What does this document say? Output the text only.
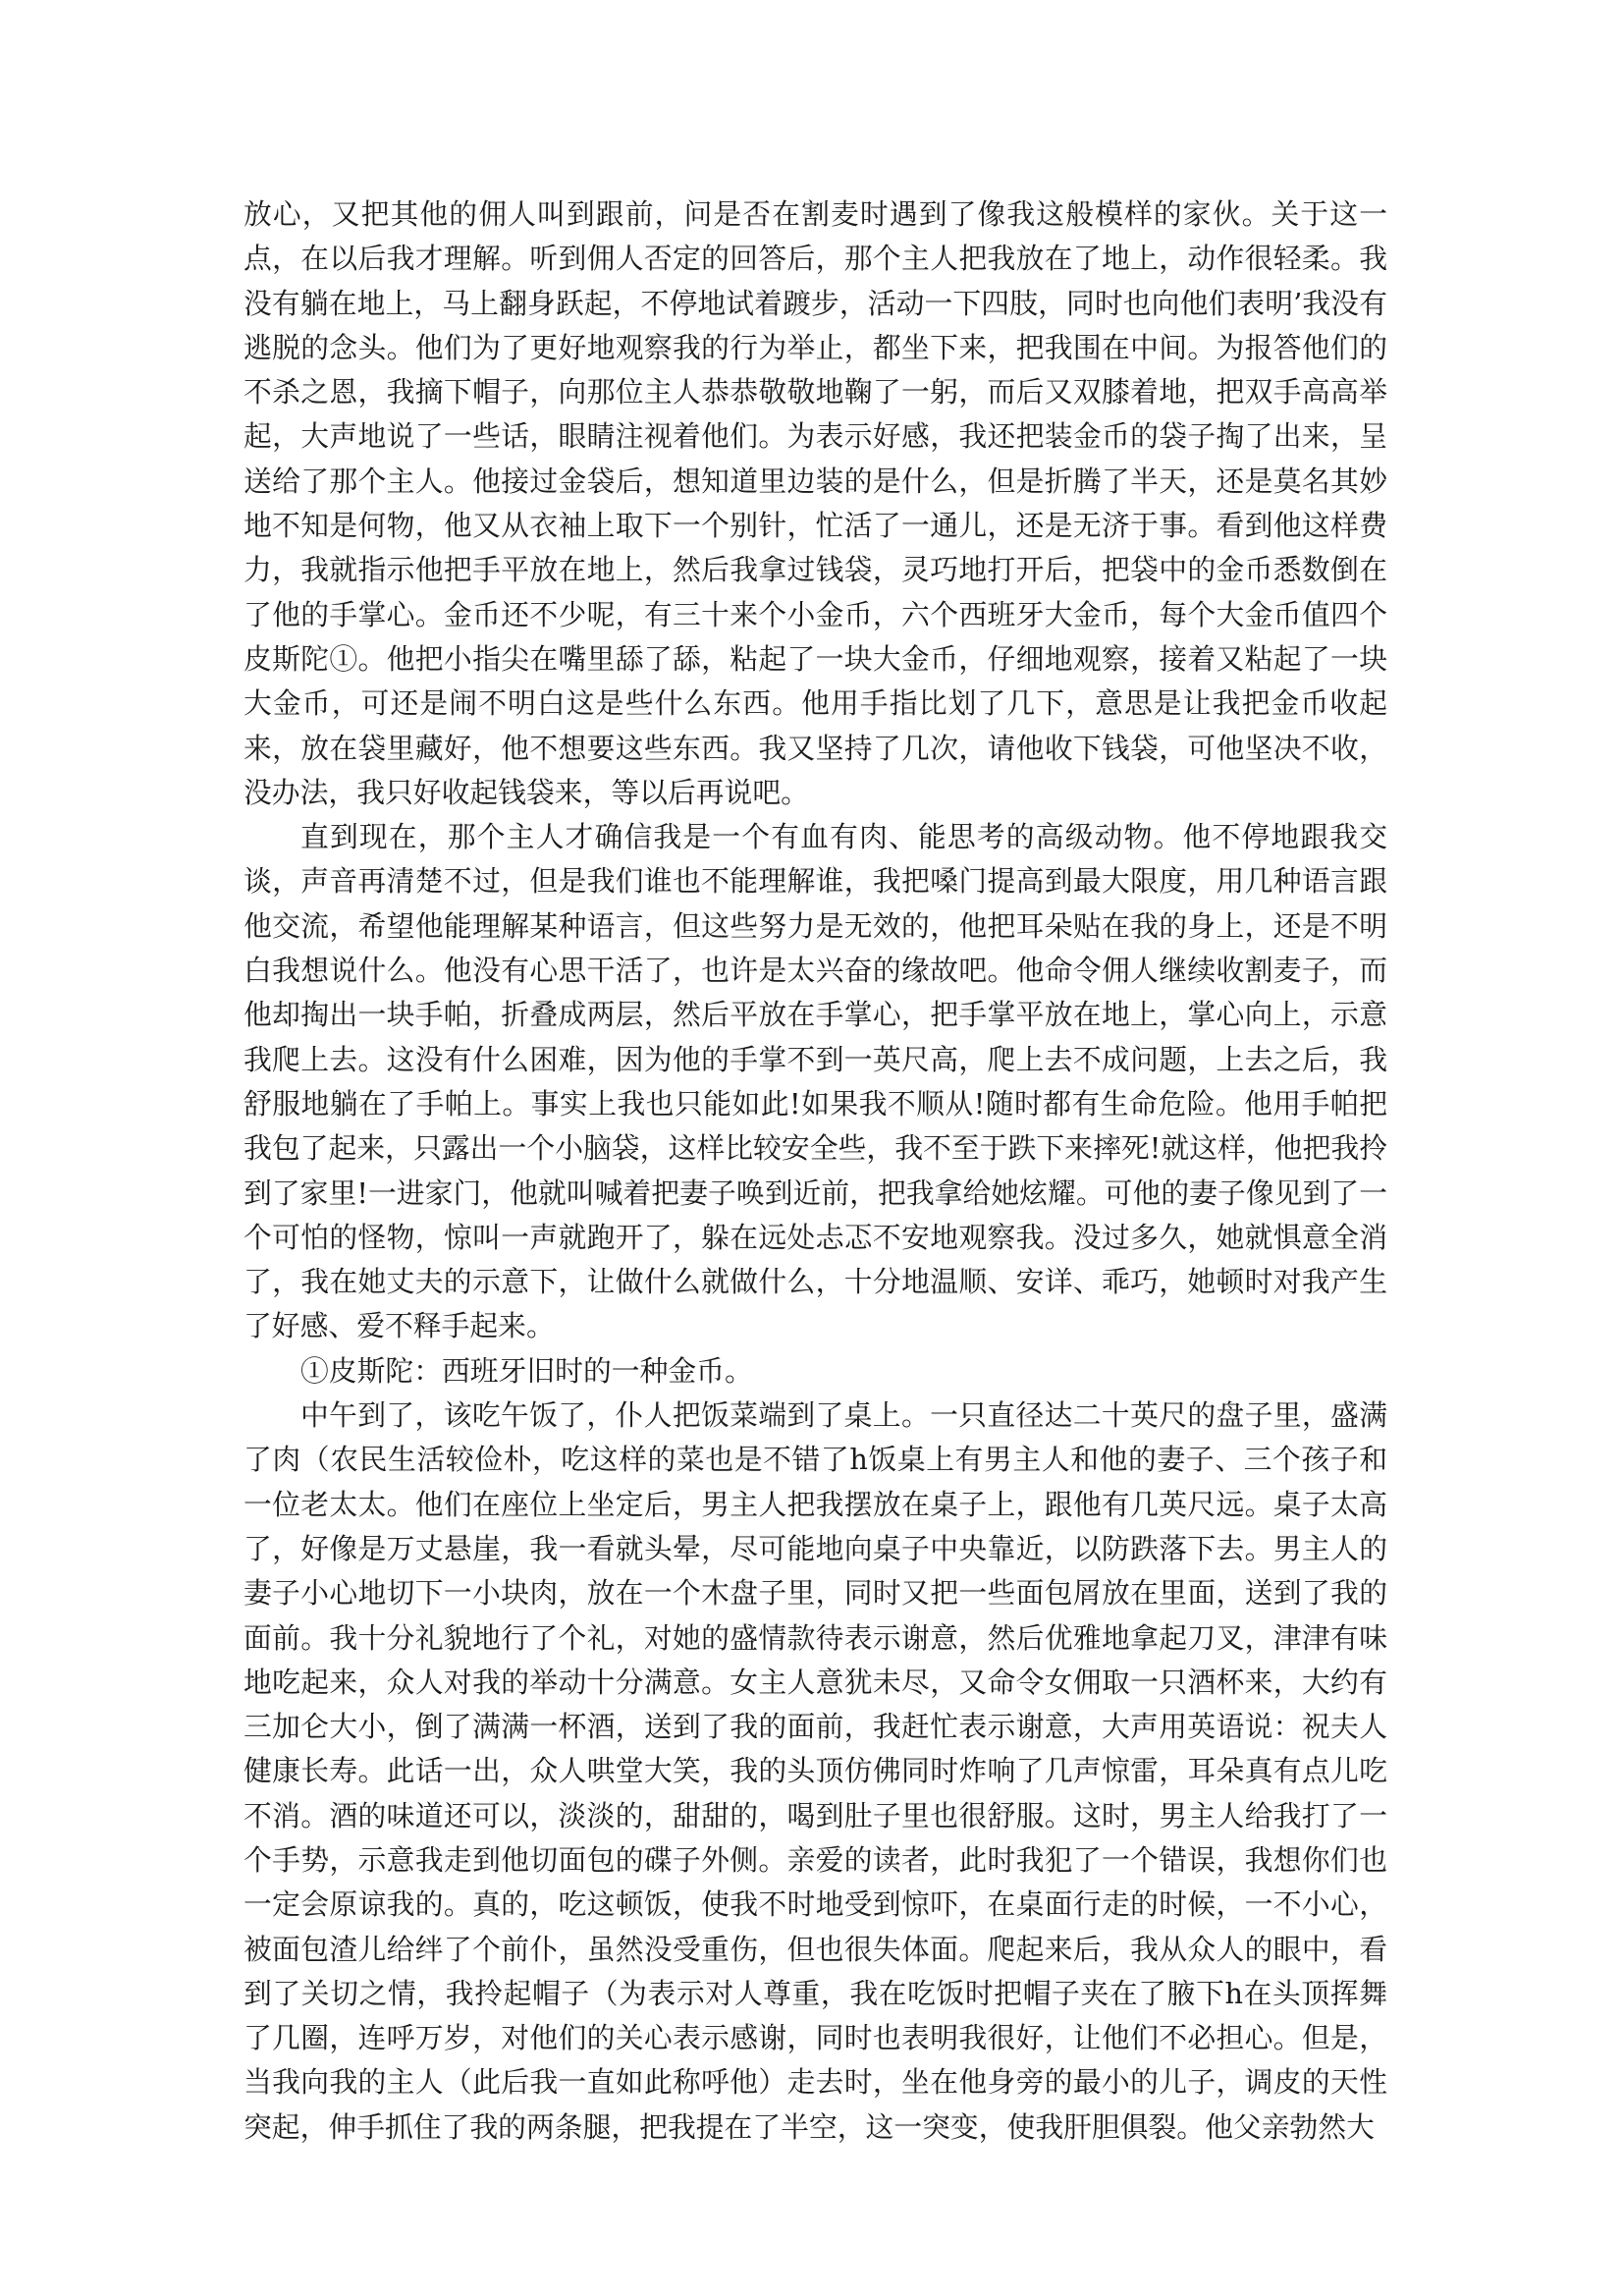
放心，又把其他的佣人叫到跟前，问是否在割麦时遇到了像我这般模样的家伙。关于这一点，在以后我才理解。听到佣人否定的回答后，那个主人把我放在了地上，动作很轻柔。我没有躺在地上，马上翻身跃起，不停地试着踱步，活动一下四肢，同时也向他们表明’我没有逃脱的念头。他们为了更好地观察我的行为举止，都坐下来，把我围在中间。为报答他们的不杀之恩，我摘下帽子，向那位主人恭恭敬敬地鞠了一躬，而后又双膝着地，把双手高高举起，大声地说了一些话，眼睛注视着他们。为表示好感，我还把装金币的袋子掏了出来，呈送给了那个主人。他接过金袋后，想知道里边装的是什么，但是折腾了半天，还是莫名其妙地不知是何物，他又从衣袖上取下一个别针，忙活了一通儿，还是无济于事。看到他这样费力，我就指示他把手平放在地上，然后我拿过钱袋，灵巧地打开后，把袋中的金币悉数倒在了他的手掌心。金币还不少呢，有三十来个小金币，六个西班牙大金币，每个大金币值四个皮斯陀①。他把小指尖在嘴里舔了舔，粘起了一块大金币，仔细地观察，接着又粘起了一块大金币，可还是闹不明白这是些什么东西。他用手指比划了几下，意思是让我把金币收起来，放在袋里藏好，他不想要这些东西。我又坚持了几次，请他收下钱袋，可他坚决不收，没办法，我只好收起钱袋来，等以后再说吧。

直到现在，那个主人才确信我是一个有血有肉、能思考的高级动物。他不停地跟我交谈，声音再清楚不过，但是我们谁也不能理解谁，我把嗓门提高到最大限度，用几种语言跟他交流，希望他能理解某种语言，但这些努力是无效的，他把耳朵贴在我的身上，还是不明白我想说什么。他没有心思干活了，也许是太兴奋的缘故吧。他命令佣人继续收割麦子，而他却掏出一块手帕，折叠成两层，然后平放在手掌心，把手掌平放在地上，掌心向上，示意我爬上去。这没有什么困难，因为他的手掌不到一英尺高，爬上去不成问题，上去之后，我舒服地躺在了手帕上。事实上我也只能如此!如果我不顺从!随时都有生命危险。他用手帕把我包了起来，只露出一个小脑袋，这样比较安全些，我不至于跌下来摔死!就这样，他把我拎到了家里!一进家门，他就叫喊着把妻子唤到近前，把我拿给她炫耀。可他的妻子像见到了一个可怕的怪物，惊叫一声就跑开了，躲在远处忐忑不安地观察我。没过多久，她就惧意全消了，我在她丈夫的示意下，让做什么就做什么，十分地温顺、安详、乖巧，她顿时对我产生了好感、爱不释手起来。

①皮斯陀：西班牙旧时的一种金币。

中午到了，该吃午饭了，仆人把饭菜端到了桌上。一只直径达二十英尺的盘子里，盛满了肉（农民生活较俭朴，吃这样的菜也是不错了h饭桌上有男主人和他的妻子、三个孩子和一位老太太。他们在座位上坐定后，男主人把我摆放在桌子上，跟他有几英尺远。桌子太高了，好像是万丈悬崖，我一看就头晕，尽可能地向桌子中央靠近，以防跌落下去。男主人的妻子小心地切下一小块肉，放在一个木盘子里，同时又把一些面包屑放在里面，送到了我的面前。我十分礼貌地行了个礼，对她的盛情款待表示谢意，然后优雅地拿起刀叉，津津有味地吃起来，众人对我的举动十分满意。女主人意犹未尽，又命令女佣取一只酒杯来，大约有三加仑大小，倒了满满一杯酒，送到了我的面前，我赶忙表示谢意，大声用英语说：祝夫人健康长寿。此话一出，众人哄堂大笑，我的头顶仿佛同时炸响了几声惊雷，耳朵真有点儿吃不消。酒的味道还可以，淡淡的，甜甜的，喝到肚子里也很舒服。这时，男主人给我打了一个手势，示意我走到他切面包的碟子外侧。亲爱的读者，此时我犯了一个错误，我想你们也一定会原谅我的。真的，吃这顿饭，使我不时地受到惊吓，在桌面行走的时候，一不小心，被面包渣儿给绊了个前仆，虽然没受重伤，但也很失体面。爬起来后，我从众人的眼中，看到了关切之情，我拎起帽子（为表示对人尊重，我在吃饭时把帽子夹在了腋下h在头顶挥舞了几圈，连呼万岁，对他们的关心表示感谢，同时也表明我很好，让他们不必担心。但是，当我向我的主人（此后我一直如此称呼他）走去时，坐在他身旁的最小的儿子，调皮的天性突起，伸手抓住了我的两条腿，把我提在了半空，这一突变，使我肝胆俱裂。他父亲勃然大
